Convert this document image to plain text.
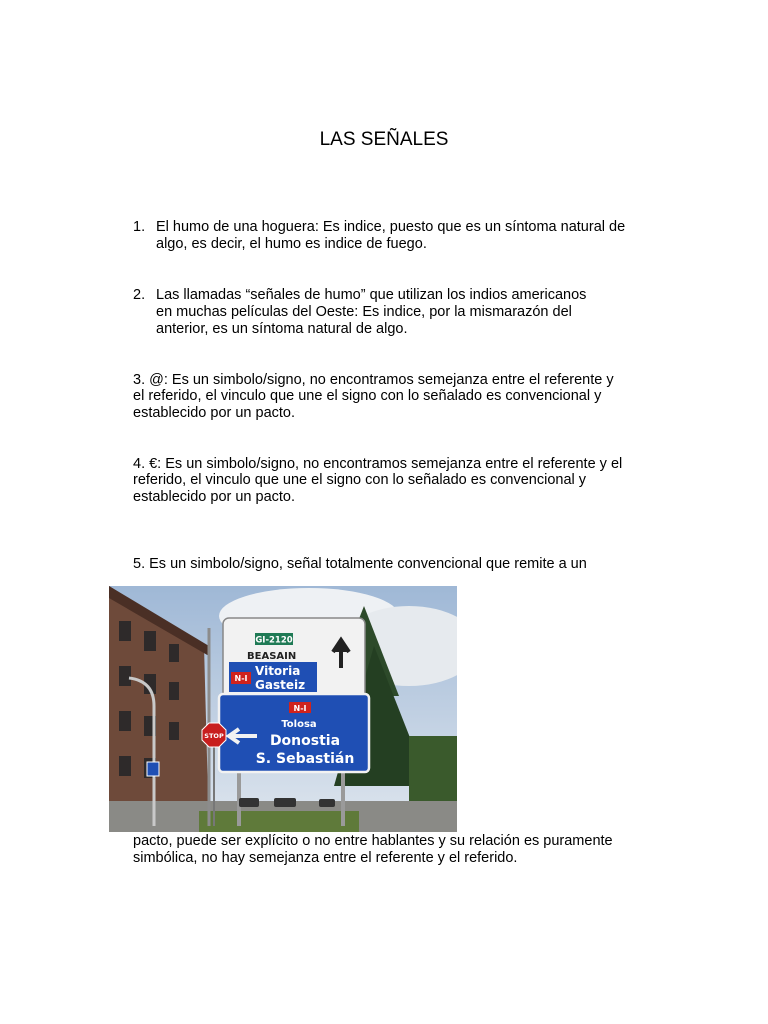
LAS SEÑALES
1. El humo de una hoguera: Es indice, puesto que es un síntoma natural de
algo, es decir, el humo es indice de fuego.
2. Las llamadas “señales de humo” que utilizan los indios americanos
en muchas películas del Oeste: Es indice, por la mismarazón del
anterior, es un síntoma natural de algo.
3. @: Es un simbolo/signo, no encontramos semejanza entre el referente y
el referido, el vinculo que une el signo con lo señalado es convencional y
establecido por un pacto.
4. €: Es un simbolo/signo, no encontramos semejanza entre el referente y el
referido, el vinculo que une el signo con lo señalado es convencional y
establecido por un pacto.
5. Es un simbolo/signo, señal totalmente convencional que remite a un
GI-2120
BEASAIN
N-I
Vitoria
Gasteiz
N-I
Tolosa
Donostia
S. Sebastián
STOP
pacto, puede ser explícito o no entre hablantes y su relación es puramente
simbólica, no hay semejanza entre el referente y el referido.
